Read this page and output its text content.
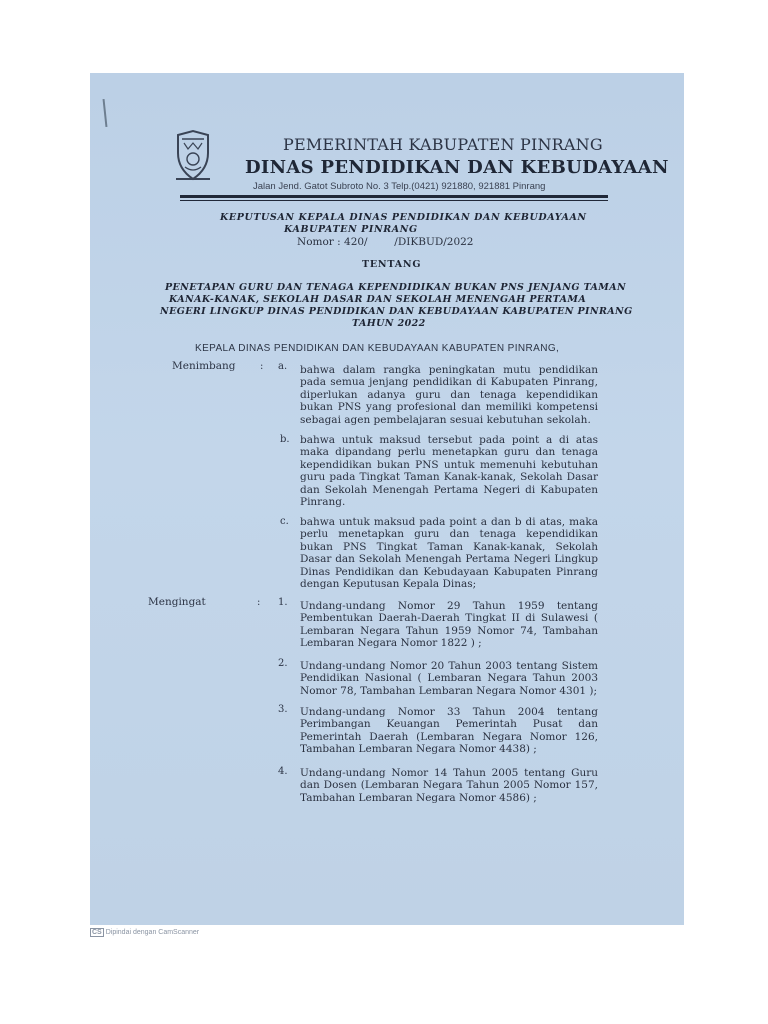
PEMERINTAH KABUPATEN PINRANG

DINAS PENDIDIKAN DAN KEBUDAYAAN

Jalan Jend. Gatot Subroto No. 3 Telp.(0421) 921880, 921881 Pinrang

KEPUTUSAN KEPALA DINAS PENDIDIKAN DAN KEBUDAYAAN

KABUPATEN PINRANG

Nomor : 420/        /DIKBUD/2022

TENTANG

PENETAPAN GURU DAN TENAGA KEPENDIDIKAN BUKAN PNS JENJANG TAMAN

KANAK-KANAK, SEKOLAH DASAR DAN SEKOLAH MENENGAH PERTAMA

NEGERI LINGKUP DINAS PENDIDIKAN DAN KEBUDAYAAN KABUPATEN PINRANG

TAHUN 2022

KEPALA DINAS PENDIDIKAN DAN KEBUDAYAAN KABUPATEN PINRANG,

Menimbang : a. bahwa dalam rangka peningkatan mutu pendidikan pada semua jenjang pendidikan di Kabupaten Pinrang, diperlukan adanya guru dan tenaga kependidikan bukan PNS yang profesional dan memiliki kompetensi sebagai agen pembelajaran sesuai kebutuhan sekolah.

b. bahwa untuk maksud tersebut pada point a di atas maka dipandang perlu menetapkan guru dan tenaga kependidikan bukan PNS untuk memenuhi kebutuhan guru pada Tingkat Taman Kanak-kanak, Sekolah Dasar dan Sekolah Menengah Pertama Negeri di Kabupaten Pinrang.

c. bahwa untuk maksud pada point a dan b di atas, maka perlu menetapkan guru dan tenaga kependidikan bukan PNS Tingkat Taman Kanak-kanak, Sekolah Dasar dan Sekolah Menengah Pertama Negeri Lingkup Dinas Pendidikan dan Kebudayaan Kabupaten Pinrang dengan Keputusan Kepala Dinas;

Mengingat	: 1. Undang-undang Nomor 29 Tahun 1959 tentang Pembentukan Daerah-Daerah Tingkat II di Sulawesi ( Lembaran Negara Tahun 1959 Nomor 74, Tambahan Lembaran Negara Nomor 1822 ) ;

2. Undang-undang Nomor 20 Tahun 2003 tentang Sistem Pendidikan Nasional ( Lembaran Negara Tahun 2003 Nomor 78, Tambahan Lembaran Negara Nomor 4301 );

3. Undang-undang Nomor 33 Tahun 2004 tentang Perimbangan Keuangan Pemerintah Pusat dan Pemerintah Daerah (Lembaran Negara Nomor 126, Tambahan Lembaran Negara Nomor 4438) ;

4. Undang-undang Nomor 14 Tahun 2005 tentang Guru dan Dosen (Lembaran Negara Tahun 2005 Nomor 157, Tambahan Lembaran Negara Nomor 4586) ;

CS Dipindai dengan CamScanner
